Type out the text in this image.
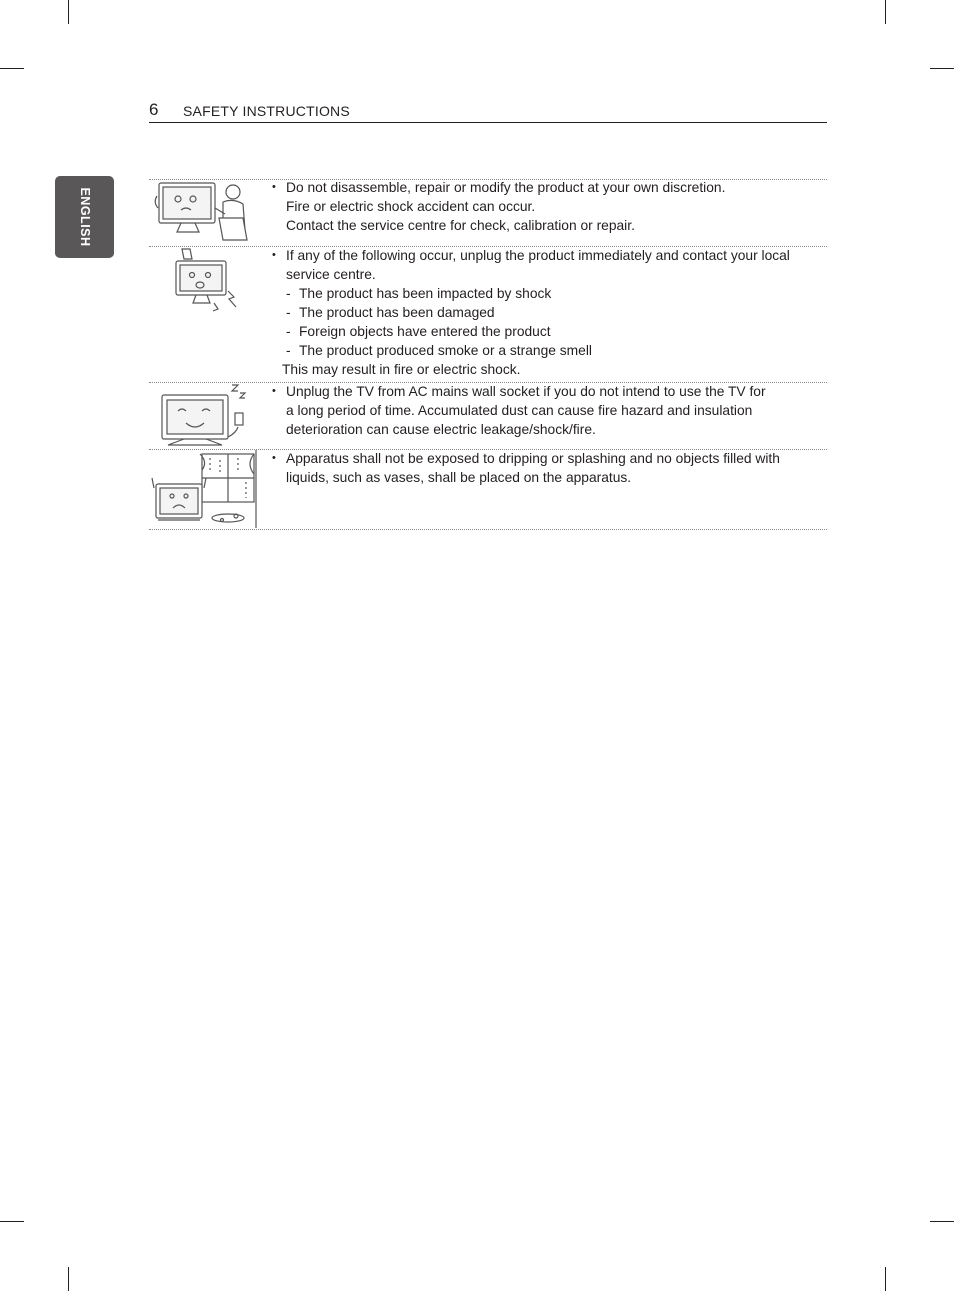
6 SAFETY INSTRUCTIONS
ENGLISH
• Do not disassemble, repair or modify the product at your own discretion.
Fire or electric shock accident can occur.
Contact the service centre for check, calibration or repair.
• If any of the following occur, unplug the product immediately and contact your local
service centre.
- The product has been impacted by shock
- The product has been damaged
- Foreign objects have entered the product
- The product produced smoke or a strange smell
This may result in fire or electric shock.
• Unplug the TV from AC mains wall socket if you do not intend to use the TV for
a long period of time. Accumulated dust can cause fire hazard and insulation
deterioration can cause electric leakage/shock/fire.
• Apparatus shall not be exposed to dripping or splashing and no objects filled with
liquids, such as vases, shall be placed on the apparatus.
